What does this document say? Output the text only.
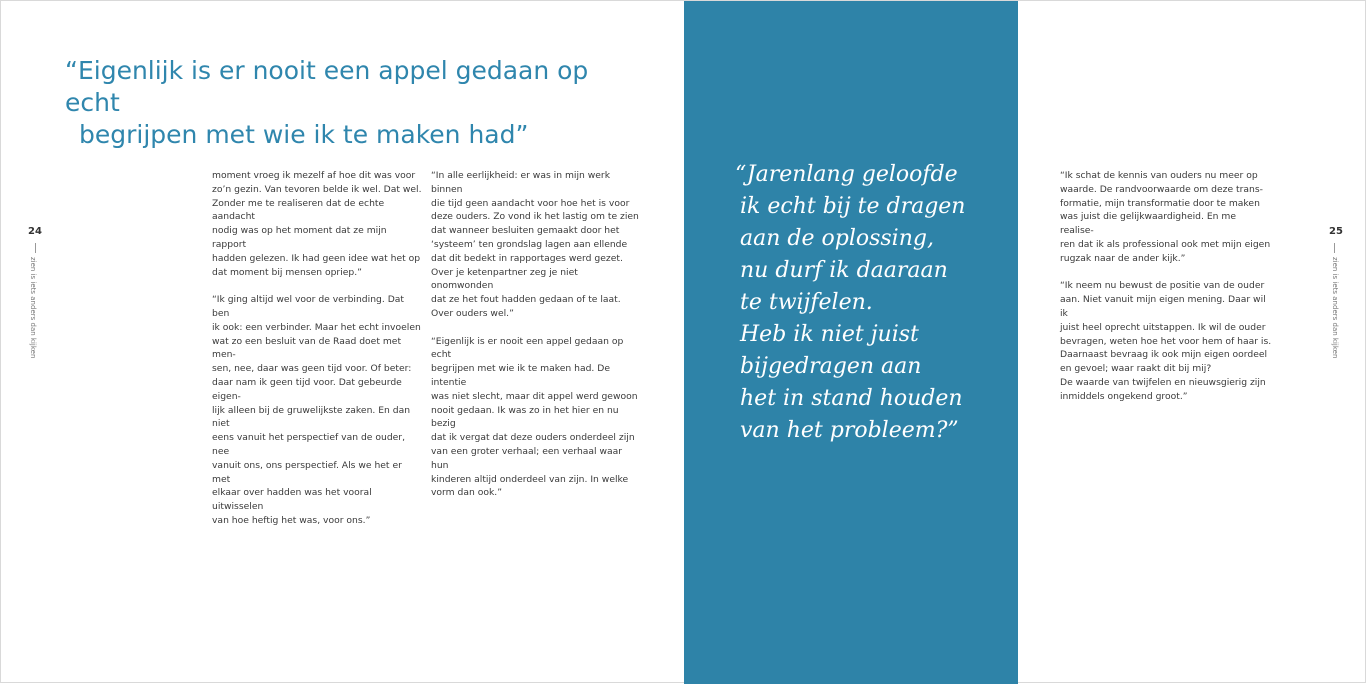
“Eigenlijk is er nooit een appel gedaan op echt
begrijpen met wie ik te maken had”
24
zien is iets anders dan kijken

moment vroeg ik mezelf af hoe dit was voor
zo’n gezin. Van tevoren belde ik wel. Dat wel.
Zonder me te realiseren dat de echte aandacht
nodig was op het moment dat ze mijn rapport
hadden gelezen. Ik had geen idee wat het op
dat moment bij mensen opriep.”

“Ik ging altijd wel voor de verbinding. Dat ben
ik ook: een verbinder. Maar het echt invoelen
wat zo een besluit van de Raad doet met men-
sen, nee, daar was geen tijd voor. Of beter:
daar nam ik geen tijd voor. Dat gebeurde eigen-
lijk alleen bij de gruwelijkste zaken. En dan niet
eens vanuit het perspectief van de ouder, nee
vanuit ons, ons perspectief. Als we het er met
elkaar over hadden was het vooral uitwisselen
van hoe heftig het was, voor ons.”

“In alle eerlijkheid: er was in mijn werk binnen
die tijd geen aandacht voor hoe het is voor
deze ouders. Zo vond ik het lastig om te zien
dat wanneer besluiten gemaakt door het
‘systeem’ ten grondslag lagen aan ellende
dat dit bedekt in rapportages werd gezet.
Over je ketenpartner zeg je niet onomwonden
dat ze het fout hadden gedaan of te laat.
Over ouders wel.”

“Eigenlijk is er nooit een appel gedaan op echt
begrijpen met wie ik te maken had. De intentie
was niet slecht, maar dit appel werd gewoon
nooit gedaan. Ik was zo in het hier en nu bezig
dat ik vergat dat deze ouders onderdeel zijn
van een groter verhaal; een verhaal waar hun
kinderen altijd onderdeel van zijn. In welke
vorm dan ook.”

“Jarenlang geloofde
ik echt bij te dragen
aan de oplossing,
nu durf ik daaraan
te twijfelen.
Heb ik niet juist
bijgedragen aan
het in stand houden
van het probleem?”

“Ik schat de kennis van ouders nu meer op
waarde. De randvoorwaarde om deze trans-
formatie, mijn transformatie door te maken
was juist die gelijkwaardigheid. En me realise-
ren dat ik als professional ook met mijn eigen
rugzak naar de ander kijk.”

“Ik neem nu bewust de positie van de ouder
aan. Niet vanuit mijn eigen mening. Daar wil ik
juist heel oprecht uitstappen. Ik wil de ouder
bevragen, weten hoe het voor hem of haar is.
Daarnaast bevraag ik ook mijn eigen oordeel
en gevoel; waar raakt dit bij mij?
De waarde van twijfelen en nieuwsgierig zijn
inmiddels ongekend groot.”

25
zien is iets anders dan kijken
